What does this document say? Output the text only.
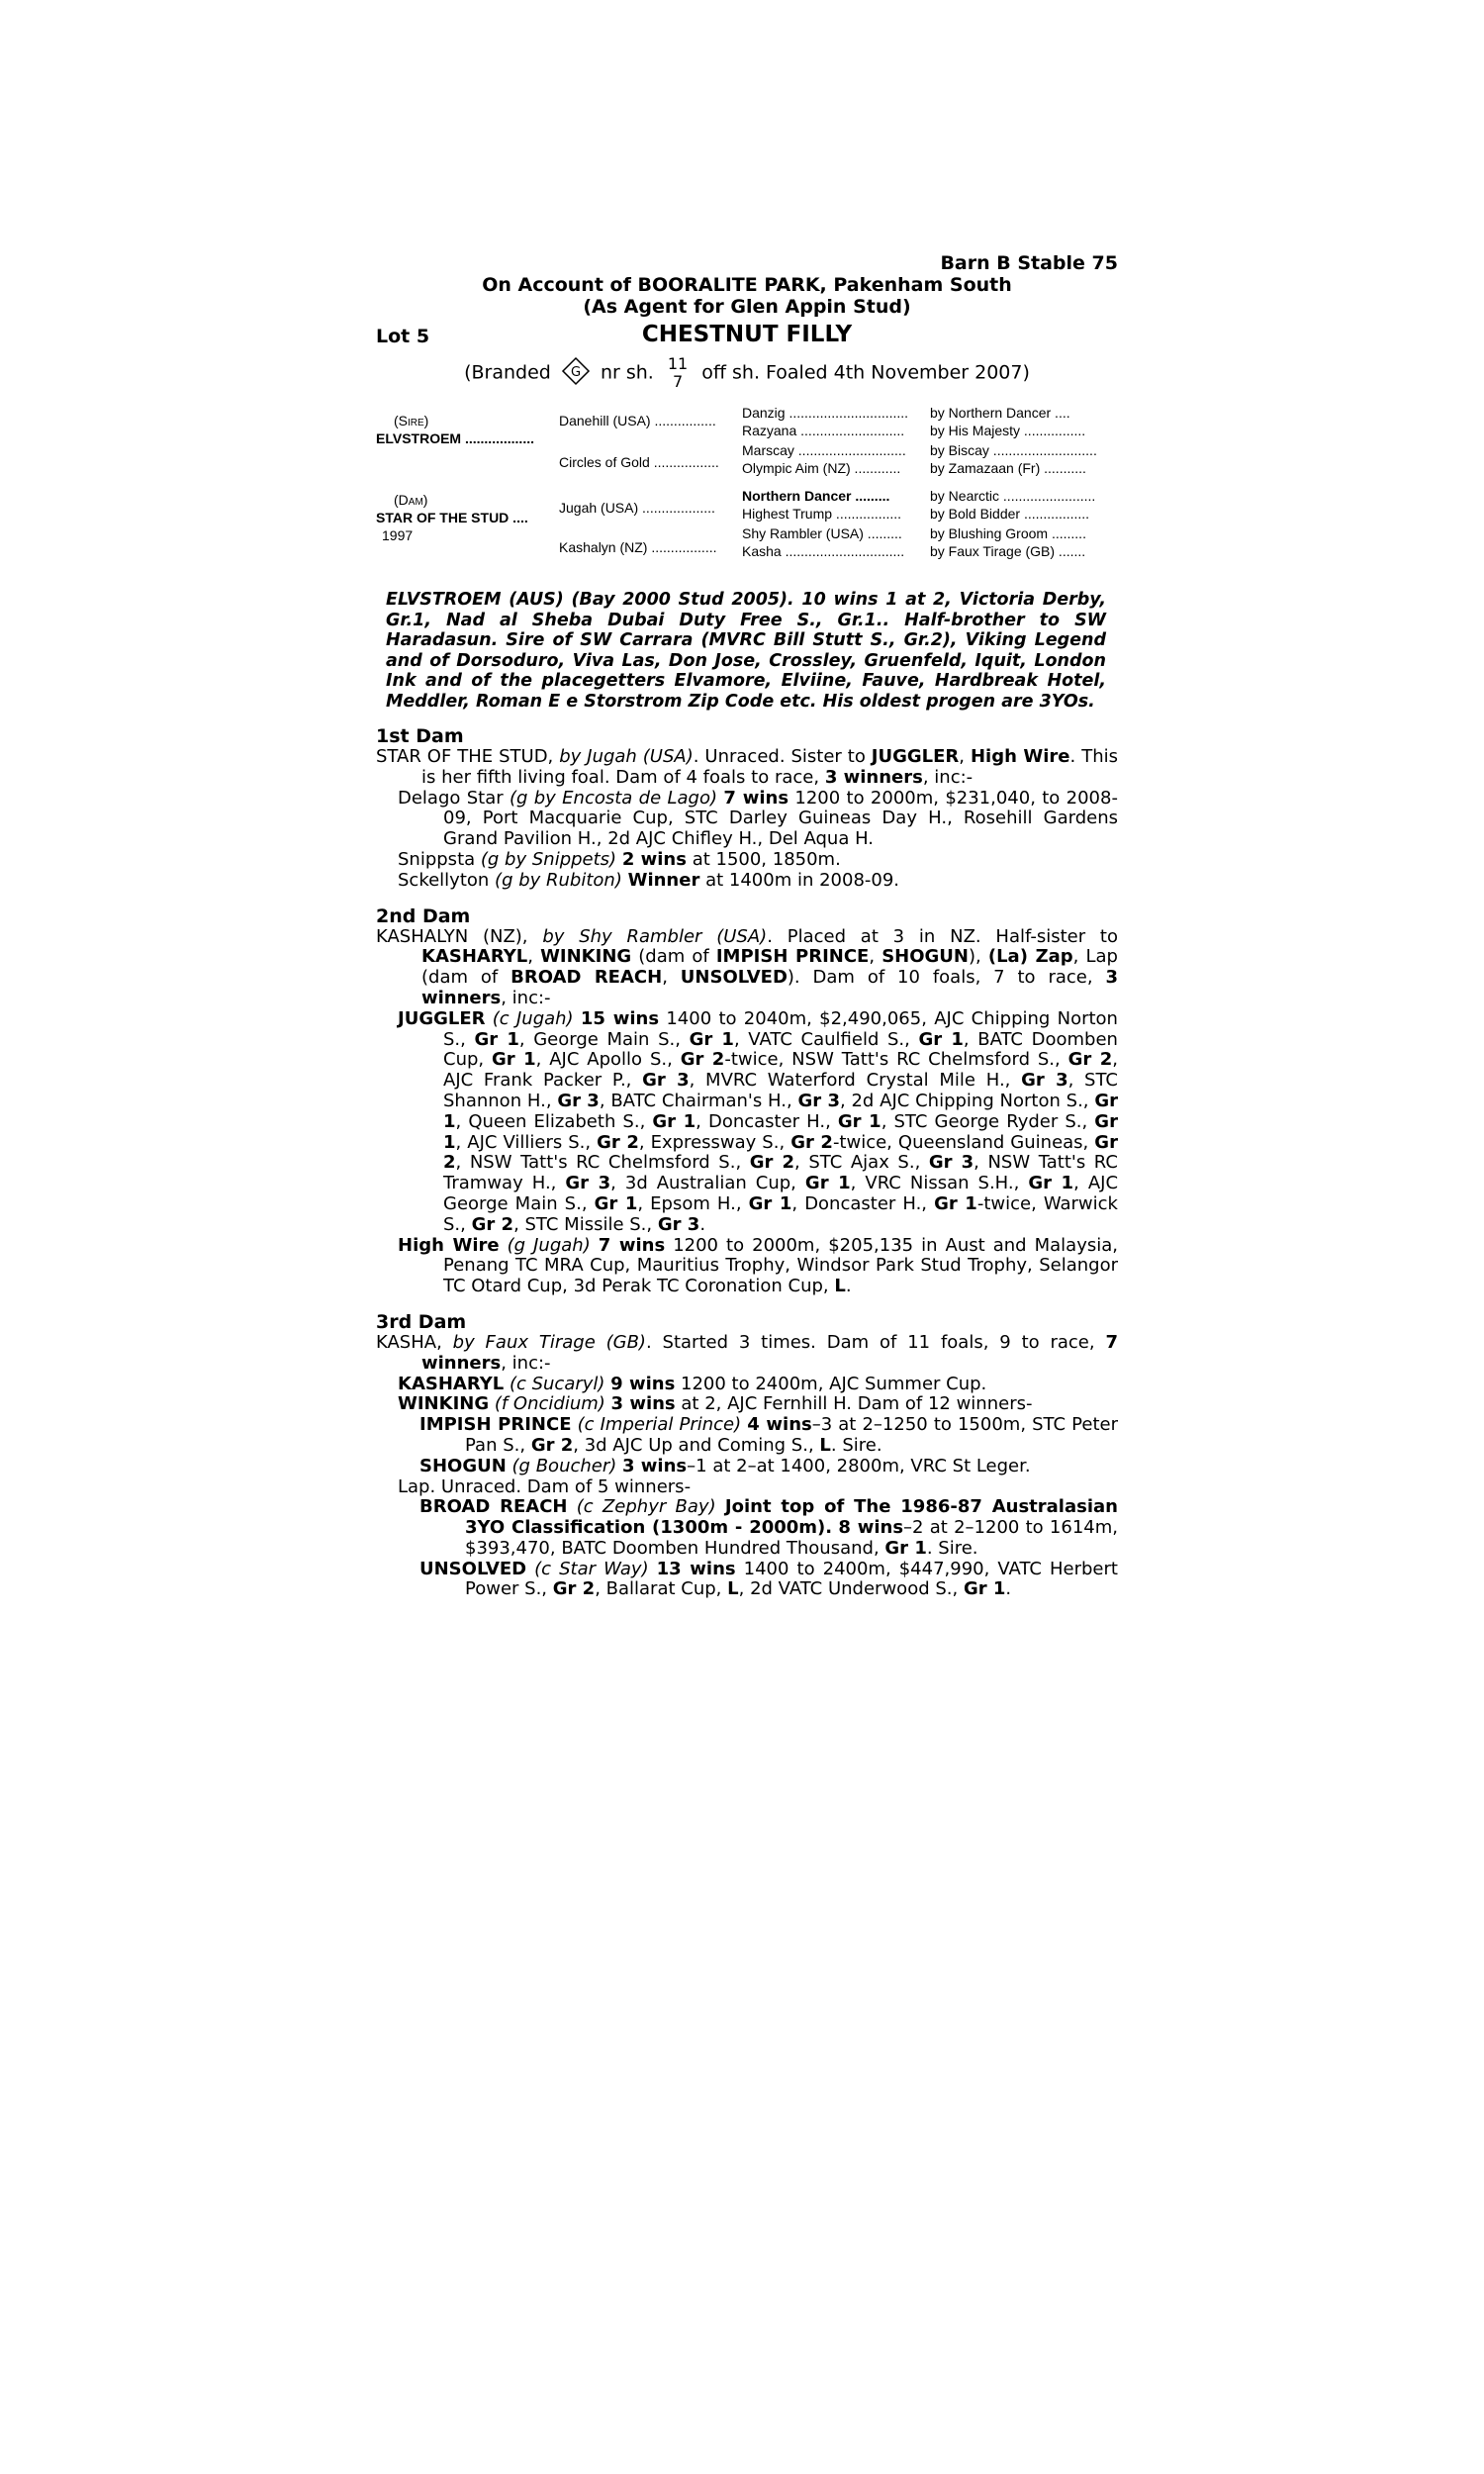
Barn B Stable 75
On Account of BOORALITE PARK, Pakenham South
(As Agent for Glen Appin Stud)
Lot 5	CHESTNUT FILLY
(Branded G nr sh. 11
7 off sh. Foaled 4th November 2007)
(Sire)
ELVSTROEM ..................
(Dam)
STAR OF THE STUD ....
1997
Danehill (USA) ................
Circles of Gold .................
Jugah (USA) ...................
Kashalyn (NZ) .................
Danzig ...............................
Razyana ...........................
Marscay ............................
Olympic Aim (NZ) ............
Northern Dancer .........
Highest Trump .................
Shy Rambler (USA) .........
Kasha ...............................
by Northern Dancer ....
by His Majesty ................
by Biscay ...........................
by Zamazaan (Fr) ...........
by Nearctic ........................
by Bold Bidder .................
by Blushing Groom .........
by Faux Tirage (GB) .......
ELVSTROEM (AUS) (Bay 2000 Stud 2005). 10 wins 1 at 2, Victoria Derby, Gr.1, Nad al Sheba Dubai Duty Free S., Gr.1.. Half-brother to SW Haradasun. Sire of SW Carrara (MVRC Bill Stutt S., Gr.2), Viking Legend and of Dorsoduro, Viva Las, Don Jose, Crossley, Gruenfeld, Iquit, London Ink and of the placegetters Elvamore, Elviine, Fauve, Hardbreak Hotel, Meddler, Roman E e Storstrom Zip Code etc. His oldest progen are 3YOs.
1st Dam

STAR OF THE STUD, by Jugah (USA). Unraced. Sister to JUGGLER, High Wire. This is her fifth living foal. Dam of 4 foals to race, 3 winners, inc:-

Delago Star (g by Encosta de Lago) 7 wins 1200 to 2000m, $231,040, to 2008-09, Port Macquarie Cup, STC Darley Guineas Day H., Rosehill Gardens Grand Pavilion H., 2d AJC Chifley H., Del Aqua H.

Snippsta (g by Snippets) 2 wins at 1500, 1850m.

Sckellyton (g by Rubiton) Winner at 1400m in 2008-09.

2nd Dam

KASHALYN (NZ), by Shy Rambler (USA). Placed at 3 in NZ. Half-sister to KASHARYL, WINKING (dam of IMPISH PRINCE, SHOGUN), (La) Zap, Lap (dam of BROAD REACH, UNSOLVED). Dam of 10 foals, 7 to race, 3 winners, inc:-

JUGGLER (c Jugah) 15 wins 1400 to 2040m, $2,490,065, AJC Chipping Norton S., Gr 1, George Main S., Gr 1, VATC Caulfield S., Gr 1, BATC Doomben Cup, Gr 1, AJC Apollo S., Gr 2-twice, NSW Tatt's RC Chelmsford S., Gr 2, AJC Frank Packer P., Gr 3, MVRC Waterford Crystal Mile H., Gr 3, STC Shannon H., Gr 3, BATC Chairman's H., Gr 3, 2d AJC Chipping Norton S., Gr 1, Queen Elizabeth S., Gr 1, Doncaster H., Gr 1, STC George Ryder S., Gr 1, AJC Villiers S., Gr 2, Expressway S., Gr 2-twice, Queensland Guineas, Gr 2, NSW Tatt's RC Chelmsford S., Gr 2, STC Ajax S., Gr 3, NSW Tatt's RC Tramway H., Gr 3, 3d Australian Cup, Gr 1, VRC Nissan S.H., Gr 1, AJC George Main S., Gr 1, Epsom H., Gr 1, Doncaster H., Gr 1-twice, Warwick S., Gr 2, STC Missile S., Gr 3.

High Wire (g Jugah) 7 wins 1200 to 2000m, $205,135 in Aust and Malaysia, Penang TC MRA Cup, Mauritius Trophy, Windsor Park Stud Trophy, Selangor TC Otard Cup, 3d Perak TC Coronation Cup, L.

3rd Dam

KASHA, by Faux Tirage (GB). Started 3 times. Dam of 11 foals, 9 to race, 7 winners, inc:-

KASHARYL (c Sucaryl) 9 wins 1200 to 2400m, AJC Summer Cup.

WINKING (f Oncidium) 3 wins at 2, AJC Fernhill H. Dam of 12 winners-

IMPISH PRINCE (c Imperial Prince) 4 wins–3 at 2–1250 to 1500m, STC Peter Pan S., Gr 2, 3d AJC Up and Coming S., L. Sire.

SHOGUN (g Boucher) 3 wins–1 at 2–at 1400, 2800m, VRC St Leger.

Lap. Unraced. Dam of 5 winners-

BROAD REACH (c Zephyr Bay) Joint top of The 1986-87 Australasian 3YO Classification (1300m - 2000m). 8 wins–2 at 2–1200 to 1614m, $393,470, BATC Doomben Hundred Thousand, Gr 1. Sire.

UNSOLVED (c Star Way) 13 wins 1400 to 2400m, $447,990, VATC Herbert Power S., Gr 2, Ballarat Cup, L, 2d VATC Underwood S., Gr 1.
